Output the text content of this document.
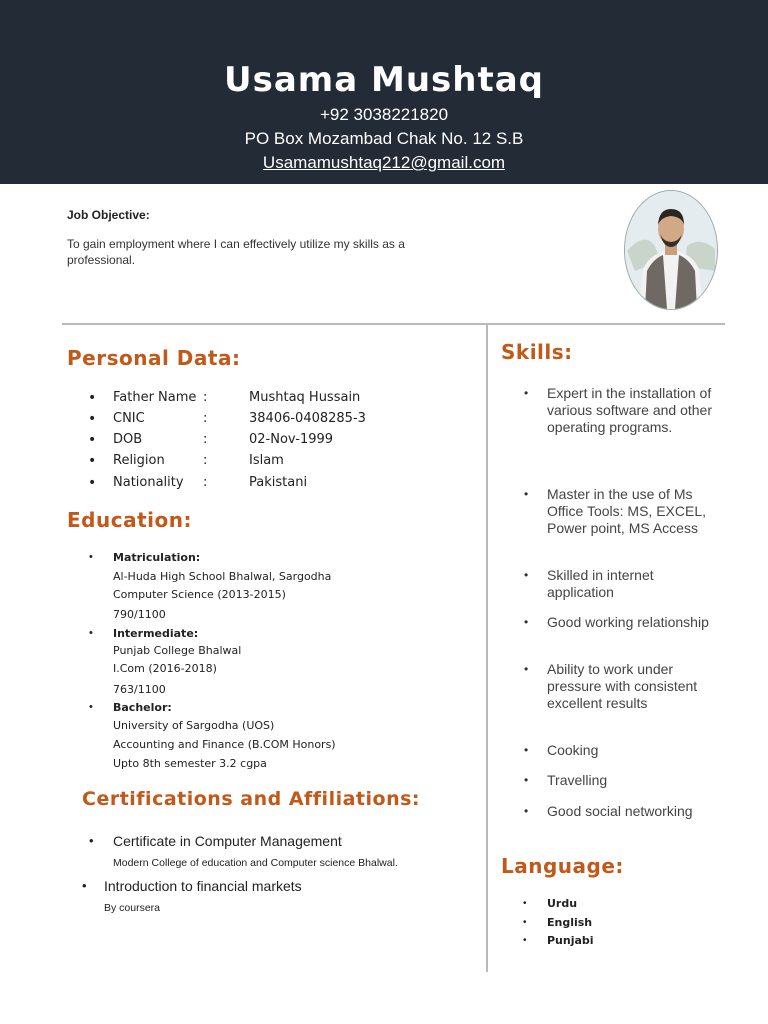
Usama Mushtaq
+92 3038221820
PO Box Mozambad Chak No. 12 S.B
Usamamushtaq212@gmail.com
Job Objective:
To gain employment where I can effectively utilize my skills as a professional.
Personal Data:
• Father Name :	Mushtaq Hussain
• CNIC	:	38406-0408285-3
• DOB	:	02-Nov-1999
• Religion	:	Islam
• Nationality :	Pakistani
Education:
• Matriculation:
Al-Huda High School Bhalwal, Sargodha
Computer Science (2013-2015)
790/1100
• Intermediate:
Punjab College Bhalwal
I.Com (2016-2018)
763/1100
• Bachelor:
University of Sargodha (UOS)
Accounting and Finance (B.COM Honors)
Upto 8th semester 3.2 cgpa
Certifications and Affiliations:
• Certificate in Computer Management
Modern College of education and Computer science Bhalwal.
• Introduction to financial markets
By coursera
Skills:
• Expert in the installation of various software and other operating programs.
• Master in the use of Ms Office Tools: MS, EXCEL, Power point, MS Access
• Skilled in internet application
• Good working relationship
• Ability to work under pressure with consistent excellent results
• Cooking
• Travelling
• Good social networking
Language:
• Urdu
• English
• Punjabi
